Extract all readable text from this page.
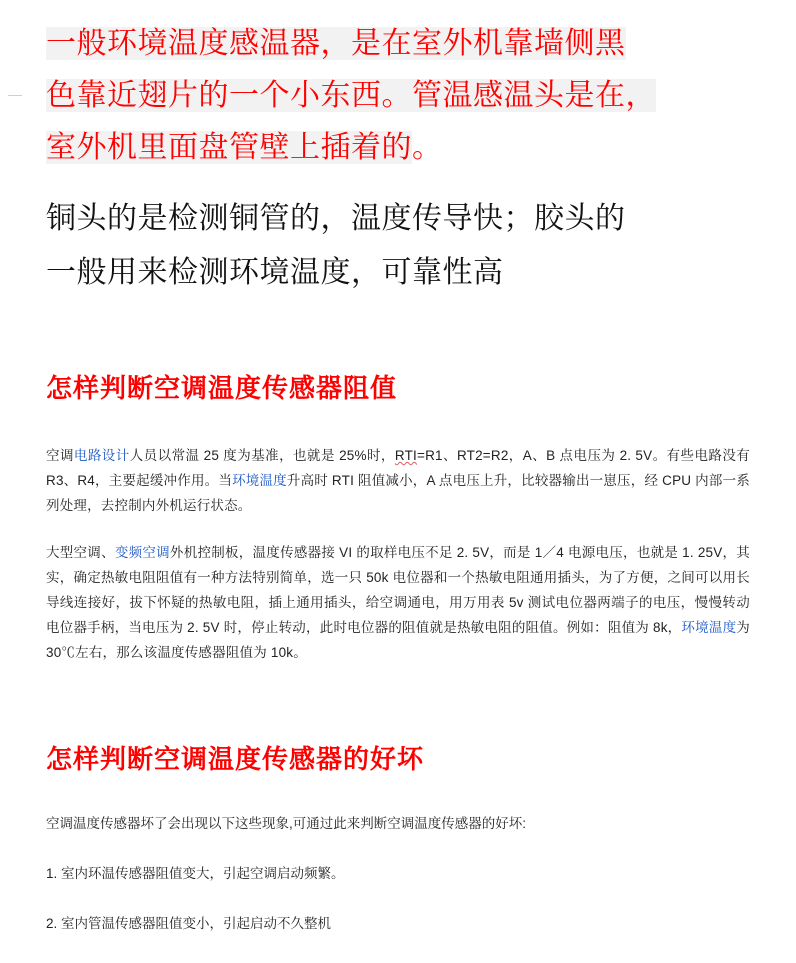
一般环境温度感温器，是在室外机靠墙侧黑
色靠近翅片的一个小东西。管温感温头是在，
室外机里面盘管壁上插着的。

铜头的是检测铜管的，温度传导快；胶头的
一般用来检测环境温度，可靠性高

怎样判断空调温度传感器阻值

空调电路设计人员以常温 25 度为基准，也就是 25%时，RTI=R1、RT2=R2，A、B 点电压为 2. 5V。有些电路没有 R3、R4，主要起缓冲作用。当环境温度升高时 RTI 阻值减小，A 点电压上升，比较器输出一崽压，经 CPU 内部一系列处理，去控制内外机运行状态。

大型空调、变频空调外机控制板，温度传感器接 VI 的取样电压不足 2. 5V，而是 1／4 电源电压，也就是 1. 25V，其实，确定热敏电阻阻值有一种方法特别简单，选一只 50k 电位器和一个热敏电阻通用插头，为了方便，之间可以用长导线连接好，拔下怀疑的热敏电阻，插上通用插头，给空调通电，用万用表 5v 测试电位器两端子的电压，慢慢转动电位器手柄，当电压为 2. 5V 时，停止转动，此时电位器的阻值就是热敏电阻的阻值。例如：阻值为 8k，环境温度为 30℃左右，那么该温度传感器阻值为 10k。

怎样判断空调温度传感器的好坏

空调温度传感器坏了会出现以下这些现象,可通过此来判断空调温度传感器的好坏:

1. 室内环温传感器阻值变大，引起空调启动频繁。

2. 室内管温传感器阻值变小，引起启动不久整机
